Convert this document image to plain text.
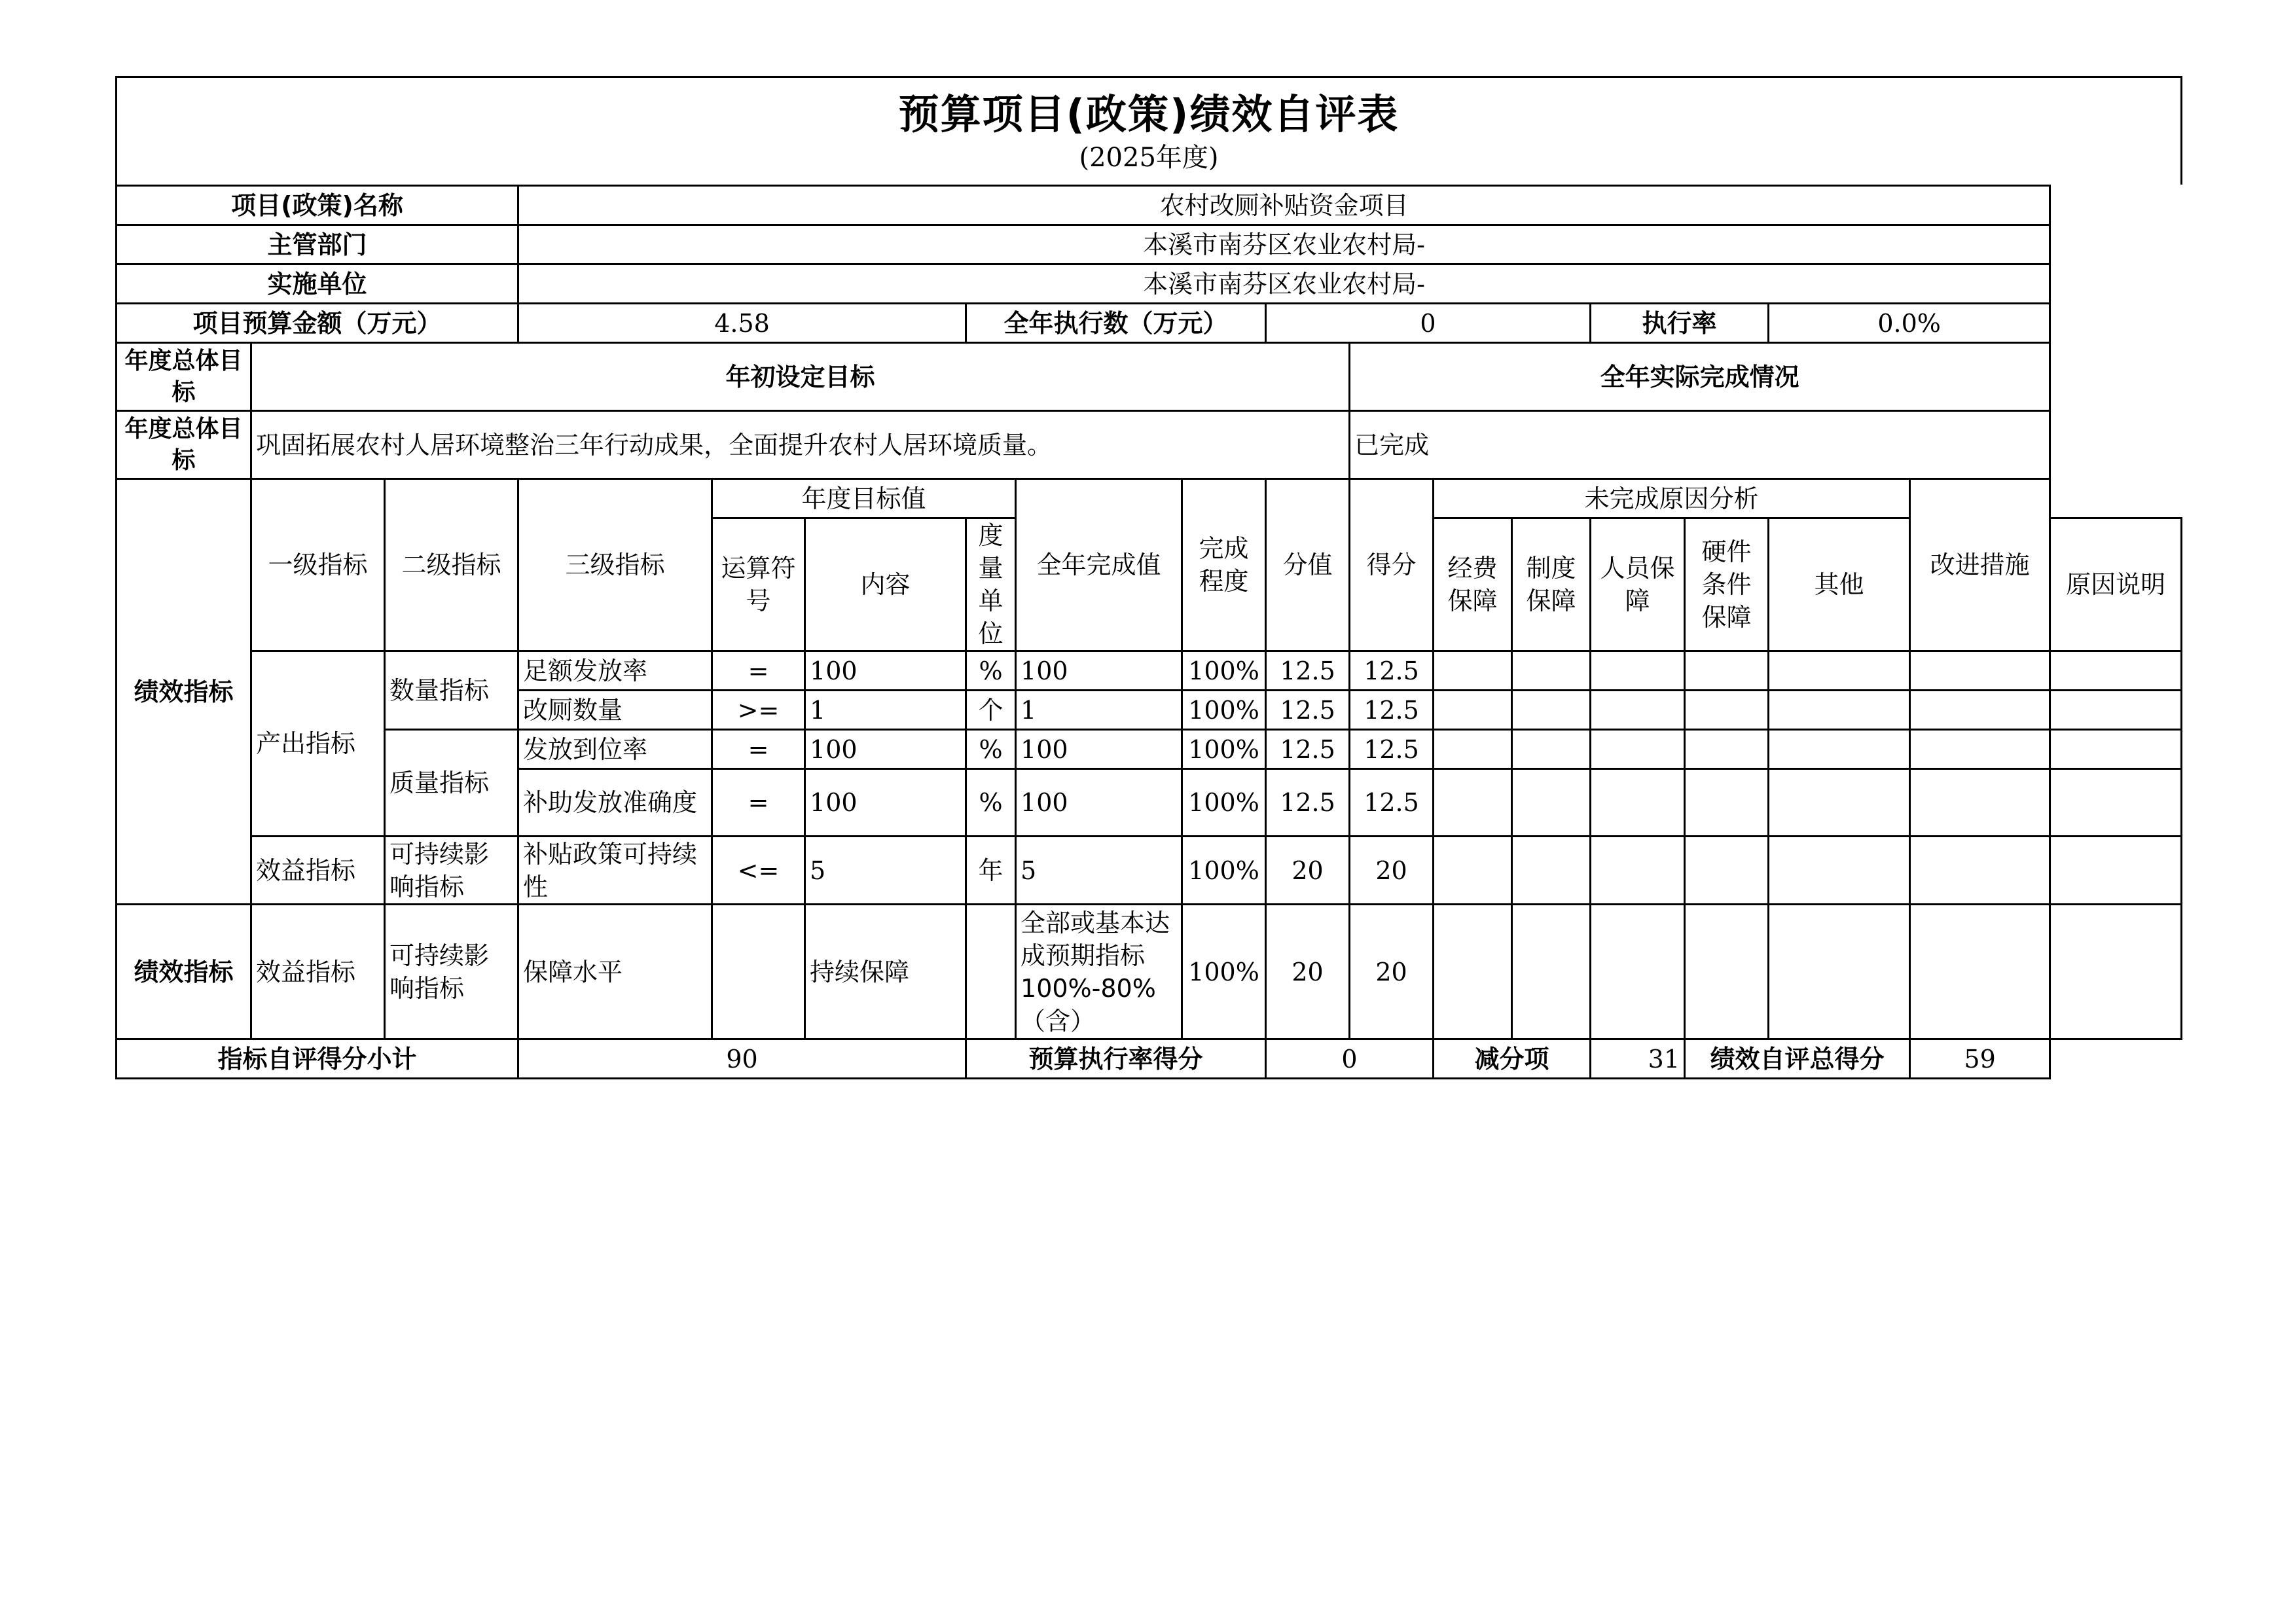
预算项目(政策)绩效自评表
(2025年度)
项目(政策)名称			农村改厕补贴资金项目														
主管部门			本溪市南芬区农业农村局-														
实施单位			本溪市南芬区农业农村局-														
项目预算金额（万元）			4.58			全年执行数（万元）			0				执行率		0.0%		
年度总体目标	年初设定目标									全年实际完成情况							
年度总体目标	巩固拓展农村人居环境整治三年行动成果，全面提升农村人居环境质量。									已完成							
绩效指标	一级指标	二级指标	三级指标	年度目标值			全年完成值	完成程度	分值	得分	未完成原因分析					改进措施	
				运算符号	内容	度量单位					经费保障	制度保障	人员保障	硬件条件保障	其他		原因说明
	产出指标	数量指标	足额发放率	=	100	%	100	100%	12.5	12.5							
			改厕数量	>=	1	个	1	100%	12.5	12.5							
		质量指标	发放到位率	=	100	%	100	100%	12.5	12.5							
			补助发放准确度	=	100	%	100	100%	12.5	12.5							
	效益指标	可持续影响指标	补贴政策可持续性	<=	5	年	5	100%	20	20							
绩效指标	效益指标	可持续影响指标	保障水平		持续保障		全部或基本达成预期指标100%-80%（含）	100%	20	20							
指标自评得分小计			90			预算执行率得分			0		减分项		31	绩效自评总得分		59	
